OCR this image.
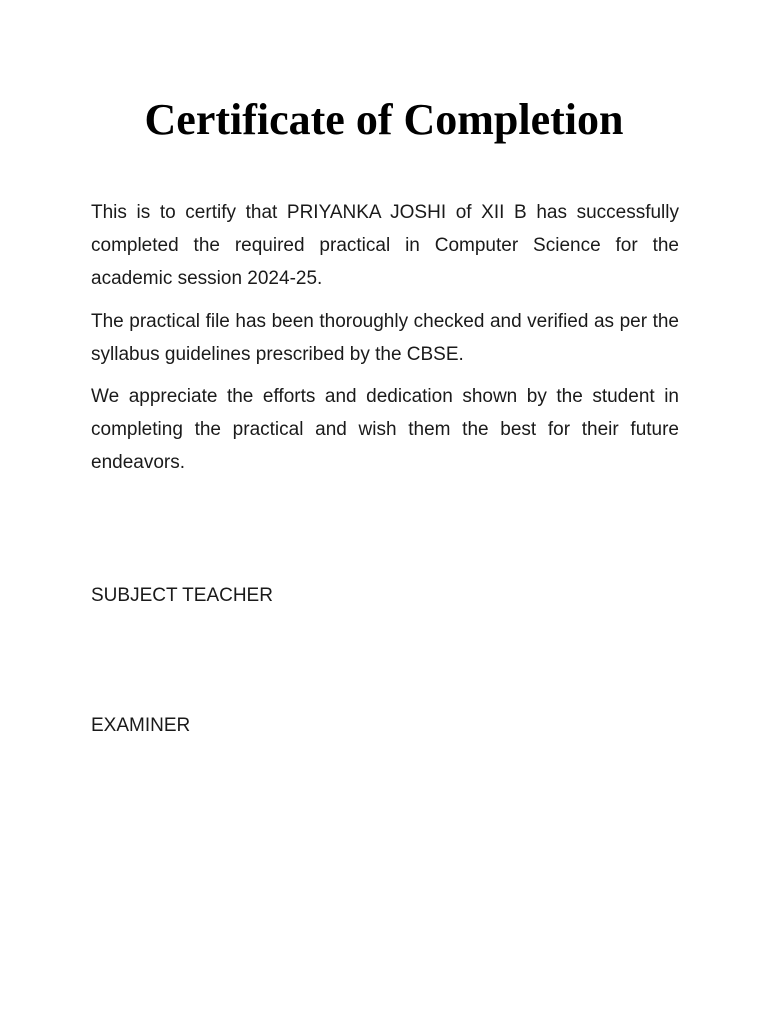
Certificate of Completion

This is to certify that PRIYANKA JOSHI of XII B has successfully completed the required practical in Computer Science for the academic session 2024-25.

The practical file has been thoroughly checked and verified as per the syllabus guidelines prescribed by the CBSE.

We appreciate the efforts and dedication shown by the student in completing the practical and wish them the best for their future endeavors.

SUBJECT TEACHER
EXAMINER
